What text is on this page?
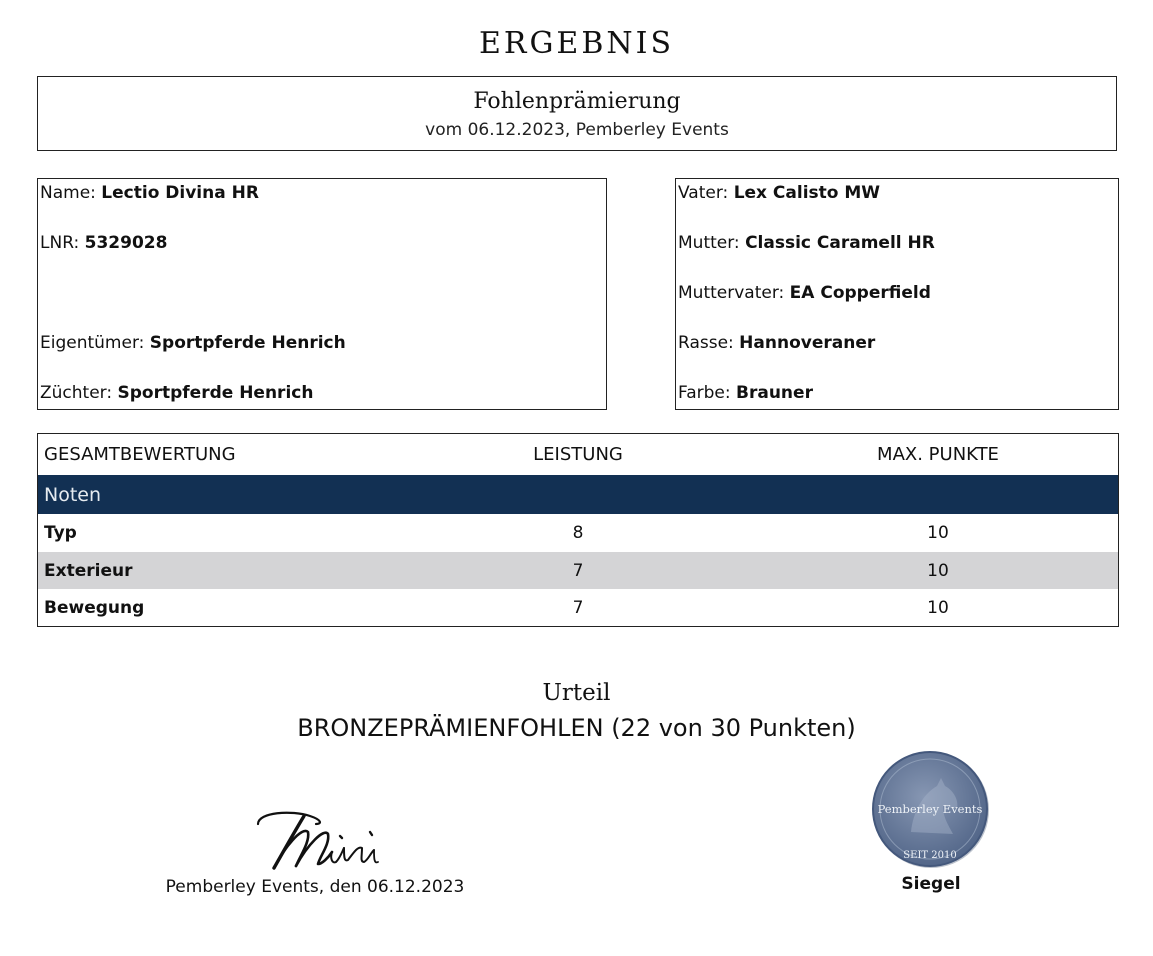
ERGEBNIS
Fohlenprämierung
vom 06.12.2023, Pemberley Events
Name: Lectio Divina HR
LNR: 5329028
Eigentümer: Sportpferde Henrich
Züchter: Sportpferde Henrich
Vater: Lex Calisto MW
Mutter: Classic Caramell HR
Muttervater: EA Copperfield
Rasse: Hannoveraner
Farbe: Brauner
GESAMTBEWERTUNG	LEISTUNG	MAX. PUNKTE
Noten
Typ	8	10
Exterieur	7	10
Bewegung	7	10
Urteil
BRONZEPRÄMIENFOHLEN (22 von 30 Punkten)
Pemberley Events, den 06.12.2023
Pemberley Events
SEIT 2010
Siegel
